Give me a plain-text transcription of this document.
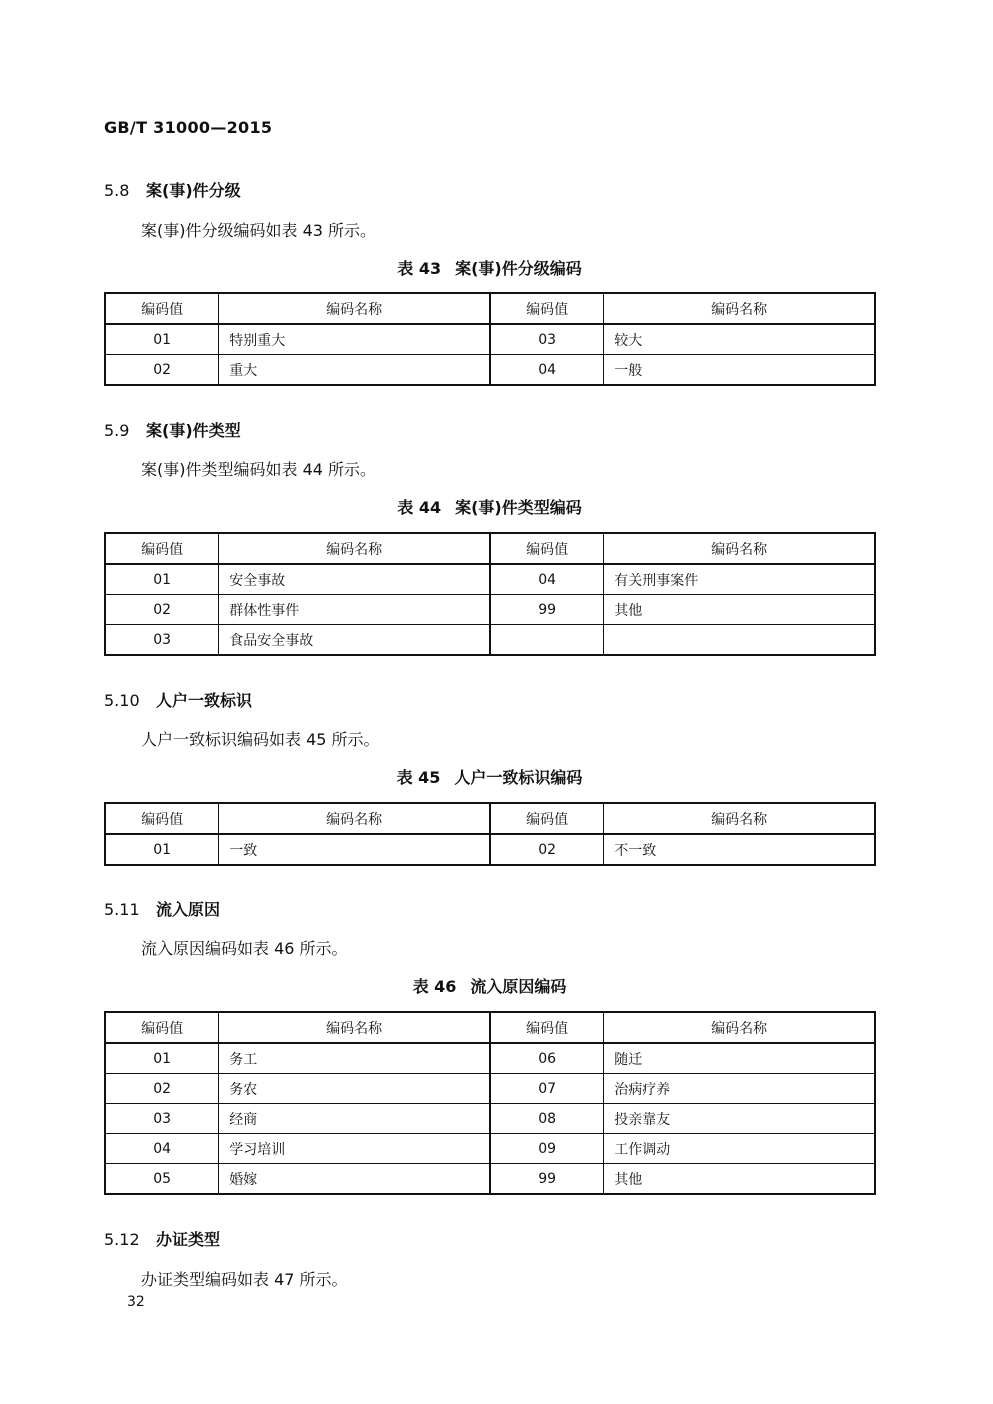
GB/T 31000—2015
5.8 案(事)件分级
案(事)件分级编码如表 43 所示。
表 43 案(事)件分级编码
编码值	编码名称	编码值	编码名称
01	特别重大	03	较大
02	重大	04	一般
5.9 案(事)件类型
案(事)件类型编码如表 44 所示。
表 44 案(事)件类型编码
编码值	编码名称	编码值	编码名称
01	安全事故	04	有关刑事案件
02	群体性事件	99	其他
03	食品安全事故		
5.10 人户一致标识
人户一致标识编码如表 45 所示。
表 45 人户一致标识编码
编码值	编码名称	编码值	编码名称
01	一致	02	不一致
5.11 流入原因
流入原因编码如表 46 所示。
表 46 流入原因编码
编码值	编码名称	编码值	编码名称
01	务工	06	随迁
02	务农	07	治病疗养
03	经商	08	投亲靠友
04	学习培训	09	工作调动
05	婚嫁	99	其他
5.12 办证类型
办证类型编码如表 47 所示。
32
